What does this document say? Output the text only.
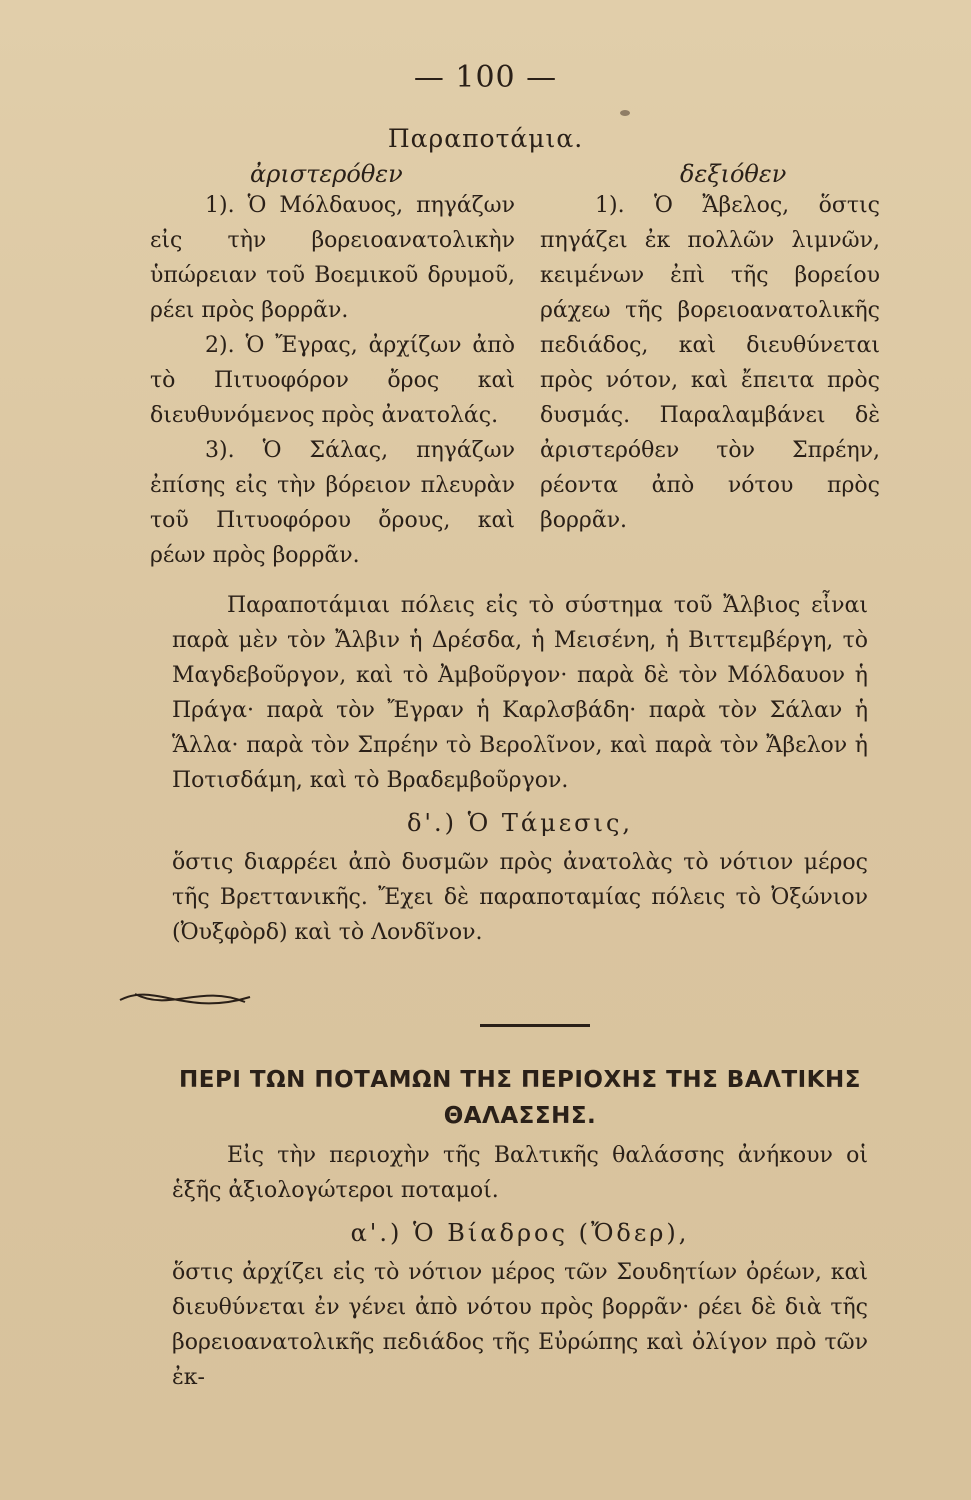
— 100 —
Παραποτάμια.
ἀριστερόθεν	δεξιόθεν

1). Ὁ Μόλδαυος, πηγάζων εἰς τὴν βορειοανατολικὴν ὑπώρειαν τοῦ Βοεμικοῦ δρυμοῦ, ρέει πρὸς βορρᾶν.

2). Ὁ Ἔγρας, ἀρχίζων ἀπὸ τὸ Πιτυοφόρον ὄρος καὶ διευθυνόμενος πρὸς ἀνατολάς.

3). Ὁ Σάλας, πηγάζων ἐπίσης εἰς τὴν βόρειον πλευρὰν τοῦ Πιτυοφόρου ὄρους, καὶ ρέων πρὸς βορρᾶν.

1). Ὁ Ἄβελος, ὅστις πηγάζει ἐκ πολλῶν λιμνῶν, κειμένων ἐπὶ τῆς βορείου ράχεω τῆς βορειοανατολικῆς πεδιάδος, καὶ διευθύνεται πρὸς νότον, καὶ ἔπειτα πρὸς δυσμάς. Παραλαμβάνει δὲ ἀριστερόθεν τὸν Σπρέην, ρέοντα ἀπὸ νότου πρὸς βορρᾶν.

Παραποτάμιαι πόλεις εἰς τὸ σύστημα τοῦ Ἄλβιος εἶναι παρὰ μὲν τὸν Ἄλβιν ἡ Δρέσδα, ἡ Μεισένη, ἡ Βιττεμβέργη, τὸ Μαγδεβοῦργον, καὶ τὸ Ἀμβοῦργον· παρὰ δὲ τὸν Μόλδαυον ἡ Πράγα· παρὰ τὸν Ἔγραν ἡ Καρλσβάδη· παρὰ τὸν Σάλαν ἡ Ἅλλα· παρὰ τὸν Σπρέην τὸ Βερολῖνον, καὶ παρὰ τὸν Ἄβελον ἡ Ποτισδάμη, καὶ τὸ Βραδεμβοῦργον.

δ'.) Ὁ Τάμεσις,

ὅστις διαρρέει ἀπὸ δυσμῶν πρὸς ἀνατολὰς τὸ νότιον μέρος τῆς Βρεττανικῆς. Ἔχει δὲ παραποταμίας πόλεις τὸ Ὀξώνιον (Ὀυξφὸρδ) καὶ τὸ Λονδῖνον.

ΠΕΡΙ ΤΩΝ ΠΟΤΑΜΩΝ ΤΗΣ ΠΕΡΙΟΧΗΣ ΤΗΣ ΒΑΛΤΙΚΗΣ ΘΑΛΑΣΣΗΣ.

Εἰς τὴν περιοχὴν τῆς Βαλτικῆς θαλάσσης ἀνήκουν οἱ ἑξῆς ἀξιολογώτεροι ποταμοί.

α'.) Ὁ Βίαδρος (Ὄδερ),

ὅστις ἀρχίζει εἰς τὸ νότιον μέρος τῶν Σουδητίων ὀρέων, καὶ διευθύνεται ἐν γένει ἀπὸ νότου πρὸς βορρᾶν· ρέει δὲ διὰ τῆς βορειοανατολικῆς πεδιάδος τῆς Εὐρώπης καὶ ὀλίγον πρὸ τῶν ἐκ-
